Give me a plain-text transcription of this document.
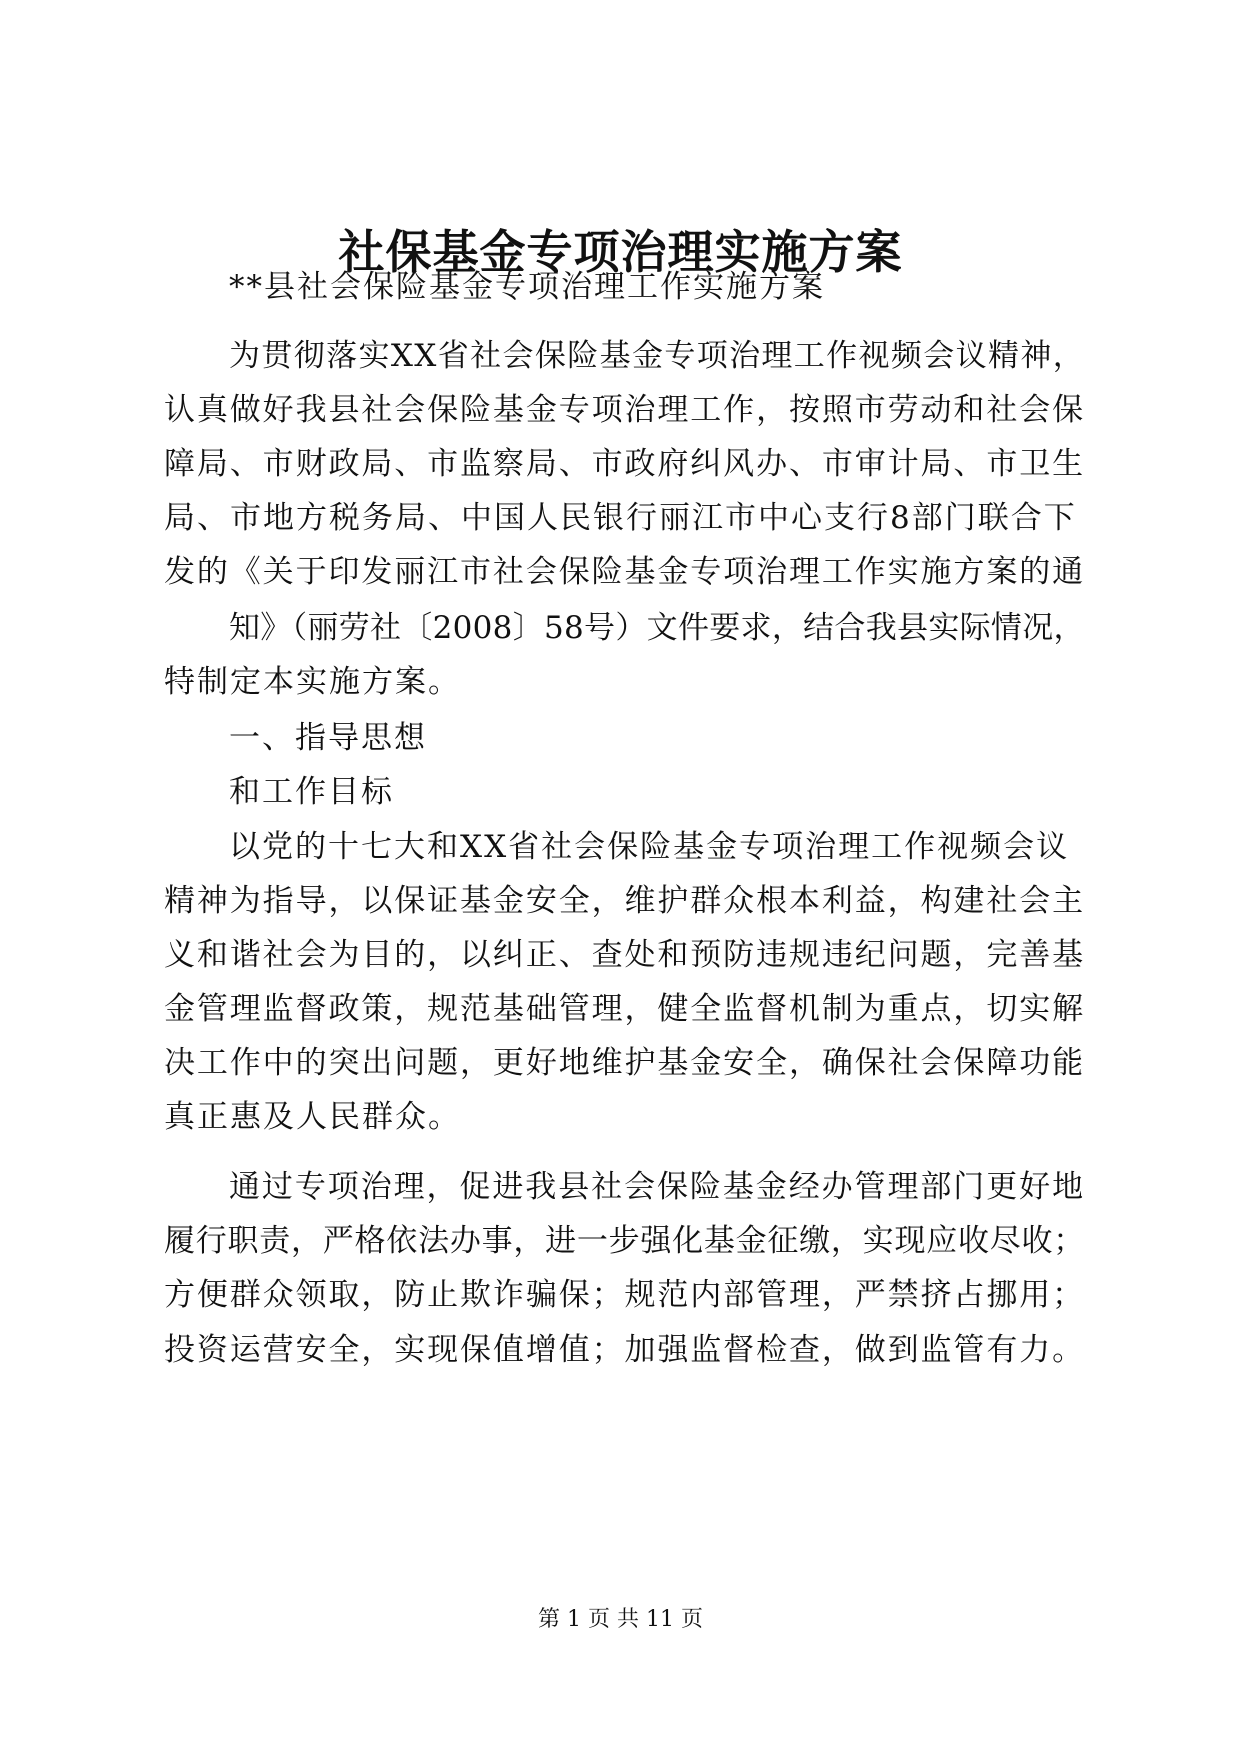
社保基金专项治理实施方案
**县社会保险基金专项治理工作实施方案
为贯彻落实XX省社会保险基金专项治理工作视频会议精神，
认真做好我县社会保险基金专项治理工作，按照市劳动和社会保
障局、市财政局、市监察局、市政府纠风办、市审计局、市卫生
局、市地方税务局、中国人民银行丽江市中心支行8部门联合下
发的《关于印发丽江市社会保险基金专项治理工作实施方案的通
知》（丽劳社〔2008〕58号）文件要求，结合我县实际情况，
特制定本实施方案。
一、指导思想
和工作目标
以党的十七大和XX省社会保险基金专项治理工作视频会议
精神为指导，以保证基金安全，维护群众根本利益，构建社会主
义和谐社会为目的，以纠正、查处和预防违规违纪问题，完善基
金管理监督政策，规范基础管理，健全监督机制为重点，切实解
决工作中的突出问题，更好地维护基金安全，确保社会保障功能
真正惠及人民群众。
通过专项治理，促进我县社会保险基金经办管理部门更好地
履行职责，严格依法办事，进一步强化基金征缴，实现应收尽收；
方便群众领取，防止欺诈骗保；规范内部管理，严禁挤占挪用；
投资运营安全，实现保值增值；加强监督检查，做到监管有力。
第 1 页 共 11 页
